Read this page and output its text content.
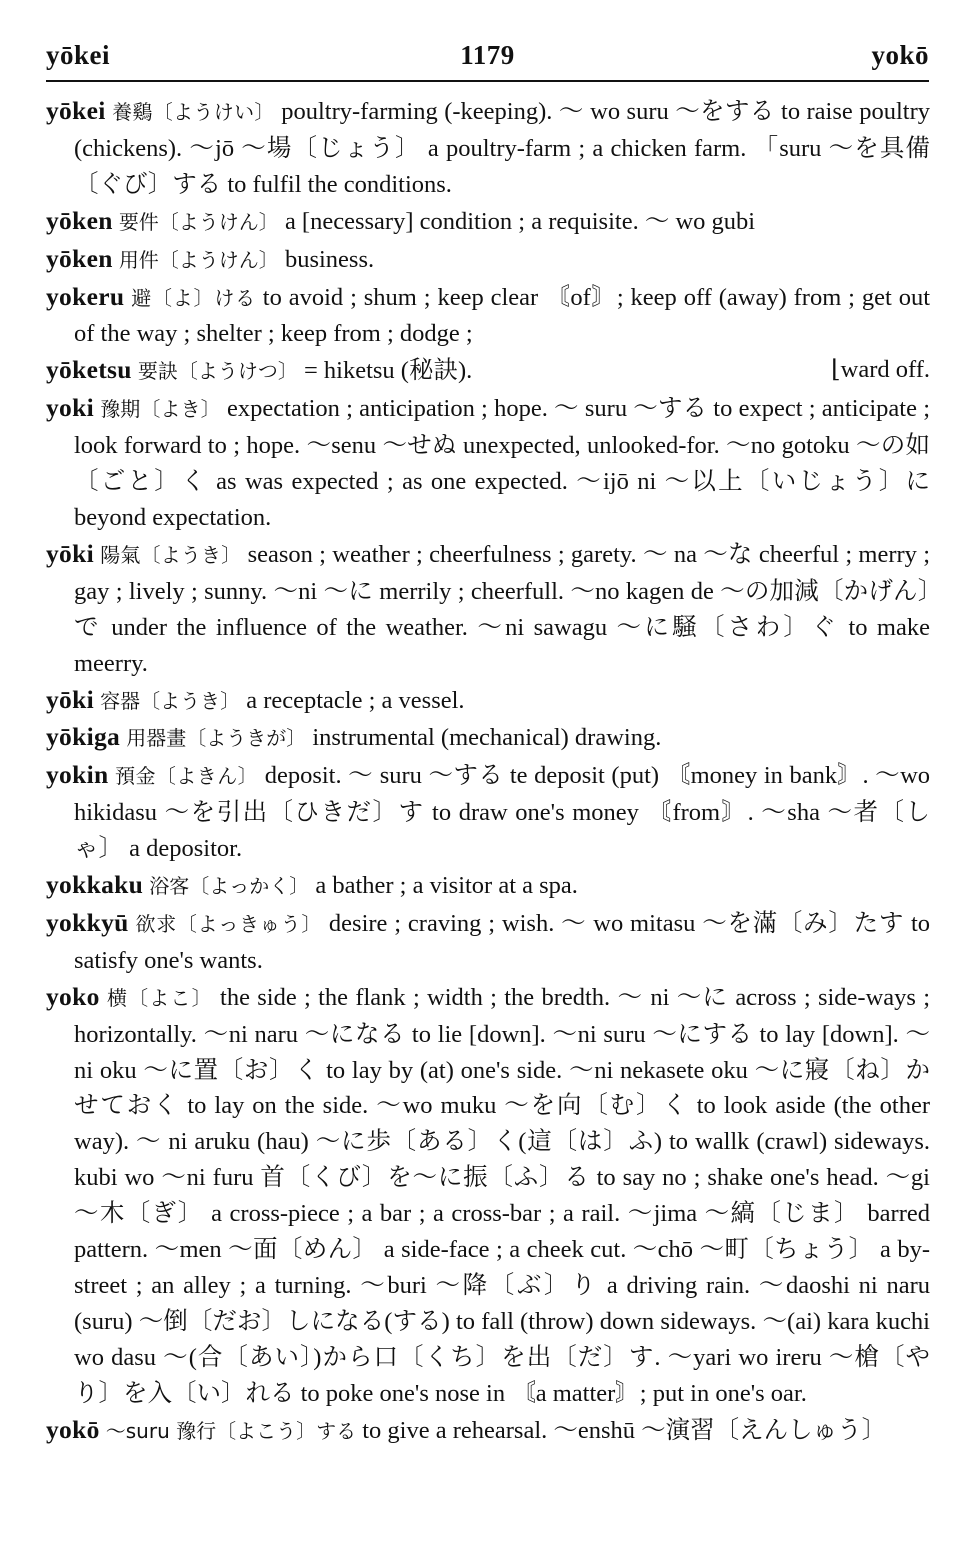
yōkei	1179	yokō

yōkei 養鷄〔ようけい〕 poultry-farming (-keeping). ～ wo suru ～をする to raise poultry (chickens). ～jō ～場〔じょう〕 a poultry-farm ; a chicken farm. 「suru ～を具備〔ぐび〕する to fulfil the conditions.

yōken 要件〔ようけん〕 a [necessary] condition ; a requisite. ～ wo gubi

yōken 用件〔ようけん〕 business.

yokeru 避〔よ〕ける to avoid ; shum ; keep clear 〘of〙; keep off (away) from ; get out of the way ; shelter ; keep from ; dodge ;

⌊ward off.
yōketsu 要訣〔ようけつ〕 = hiketsu (秘訣).

yoki 豫期〔よき〕 expectation ; anticipation ; hope. ～ suru ～する to expect ; anticipate ; look forward to ; hope. ～senu ～せぬ unexpected, unlooked-for. ～no gotoku ～の如〔ごと〕く as was expected ; as one expected. ～ijō ni ～以上〔いじょう〕に beyond expectation.

yōki 陽氣〔ようき〕 season ; weather ; cheerfulness ; garety. ～ na ～な cheerful ; merry ; gay ; lively ; sunny. ～ni ～に merrily ; cheerfull. ～no kagen de ～の加減〔かげん〕で under the influence of the weather. ～ni sawagu ～に騒〔さわ〕ぐ to make meerry.

yōki 容器〔ようき〕 a receptacle ; a vessel.

yōkiga 用器畫〔ようきが〕 instrumental (mechanical) drawing.

yokin 預金〔よきん〕 deposit. ～ suru ～する te deposit (put) 〘money in bank〙. ～wo hikidasu ～を引出〔ひきだ〕す to draw one's money 〘from〙. ～sha ～者〔しゃ〕 a depositor.

yokkaku 浴客〔よっかく〕 a bather ; a visitor at a spa.

yokkyū 欲求〔よっきゅう〕 desire ; craving ; wish. ～ wo mitasu ～を滿〔み〕たす to satisfy one's wants.

yoko 横〔よこ〕 the side ; the flank ; width ; the bredth. ～ ni ～に across ; side-ways ; horizontally. ～ni naru ～になる to lie [down]. ～ni suru ～にする to lay [down]. ～ni oku ～に置〔お〕く to lay by (at) one's side. ～ni nekasete oku ～に寢〔ね〕かせておく to lay on the side. ～wo muku ～を向〔む〕く to look aside (the other way). ～ ni aruku (hau) ～に歩〔ある〕く(這〔は〕ふ) to wallk (crawl) sideways. kubi wo ～ni furu 首〔くび〕を～に振〔ふ〕る to say no ; shake one's head. ～gi ～木〔ぎ〕 a cross-piece ; a bar ; a cross-bar ; a rail. ～jima ～縞〔じま〕 barred pattern. ～men ～面〔めん〕 a side-face ; a cheek cut. ～chō ～町〔ちょう〕 a by-street ; an alley ; a turning. ～buri ～降〔ぶ〕り a driving rain. ～daoshi ni naru (suru) ～倒〔だお〕しになる(する) to fall (throw) down sideways. ～(ai) kara kuchi wo dasu ～(合〔あい〕)から口〔くち〕を出〔だ〕す. ～yari wo ireru ～槍〔やり〕を入〔い〕れる to poke one's nose in 〘a matter〙; put in one's oar.

yokō ～suru 豫行〔よこう〕する to give a rehearsal. ～enshū ～演習〔えんしゅう〕
